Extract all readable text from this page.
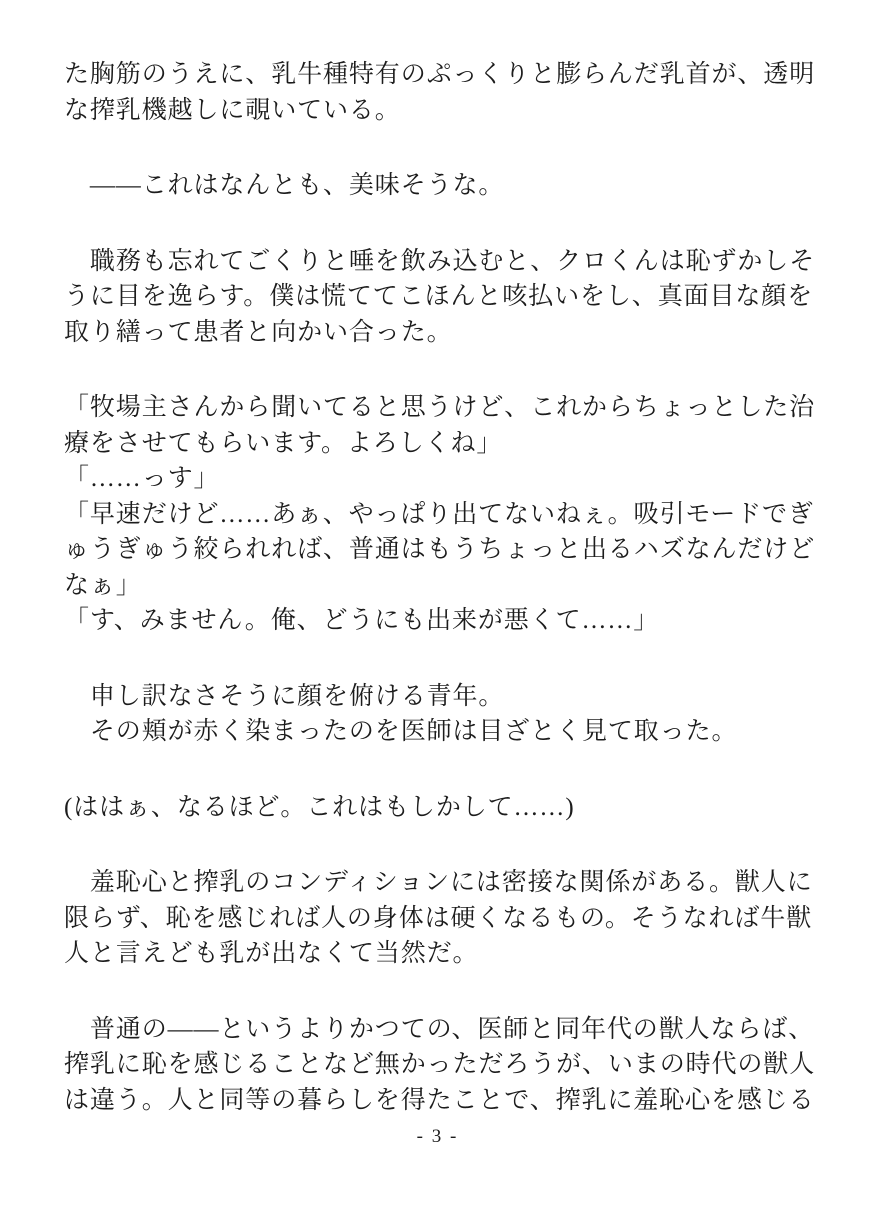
た胸筋のうえに、乳牛種特有のぷっくりと膨らんだ乳首が、透明
な搾乳機越しに覗いている。

　――これはなんとも、美味そうな。

　職務も忘れてごくりと唾を飲み込むと、クロくんは恥ずかしそ
うに目を逸らす。僕は慌ててこほんと咳払いをし、真面目な顔を
取り繕って患者と向かい合った。

「牧場主さんから聞いてると思うけど、これからちょっとした治
療をさせてもらいます。よろしくね」
「……っす」
「早速だけど……あぁ、やっぱり出てないねぇ。吸引モードでぎ
ゅうぎゅう絞られれば、普通はもうちょっと出るハズなんだけど
なぁ」
「す、みません。俺、どうにも出来が悪くて……」

　申し訳なさそうに顔を俯ける青年。
　その頬が赤く染まったのを医師は目ざとく見て取った。

(ははぁ、なるほど。これはもしかして……)

　羞恥心と搾乳のコンディションには密接な関係がある。獣人に
限らず、恥を感じれば人の身体は硬くなるもの。そうなれば牛獣
人と言えども乳が出なくて当然だ。

　普通の――というよりかつての、医師と同年代の獣人ならば、
搾乳に恥を感じることなど無かっただろうが、いまの時代の獣人
は違う。人と同等の暮らしを得たことで、搾乳に羞恥心を感じる

- 3 -
